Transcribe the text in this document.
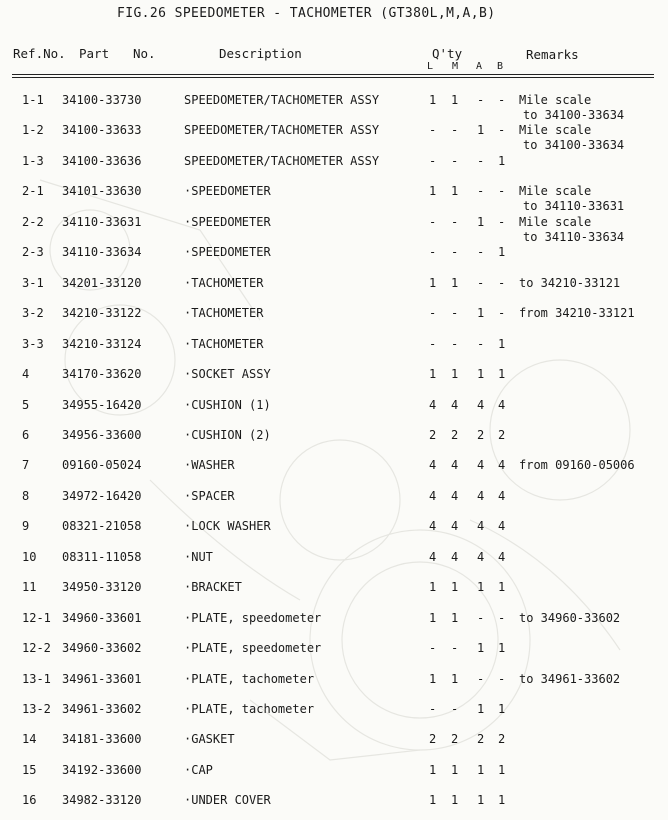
FIG.26 SPEEDOMETER - TACHOMETER (GT380L,M,A,B)
Ref.No. Part No.	Description	Q'ty	Remarks
L M A B
1-1 34100-33730	SPEEDOMETER/TACHOMETER ASSY	1 1 - - Mile scale
to 34100-33634
1-2 34100-33633	SPEEDOMETER/TACHOMETER ASSY	- - 1 - Mile scale
to 34100-33634
1-3 34100-33636	SPEEDOMETER/TACHOMETER ASSY	- - - 1
2-1 34101-33630	·SPEEDOMETER	1 1 - - Mile scale
to 34110-33631
2-2 34110-33631	·SPEEDOMETER	- - 1 - Mile scale
to 34110-33634
2-3 34110-33634	·SPEEDOMETER	- - - 1
3-1 34201-33120	·TACHOMETER	1 1 - - to 34210-33121
3-2 34210-33122	·TACHOMETER	- - 1 - from 34210-33121
3-3 34210-33124	·TACHOMETER	- - - 1
4	34170-33620	·SOCKET ASSY	1 1 1 1
5	34955-16420	·CUSHION (1)	4 4 4 4
6	34956-33600	·CUSHION (2)	2 2 2 2
7	09160-05024	·WASHER	4 4 4 4 from 09160-05006
8	34972-16420	·SPACER	4 4 4 4
9	08321-21058	·LOCK WASHER	4 4 4 4
10 08311-11058	·NUT	4 4 4 4
11 34950-33120	·BRACKET	1 1 1 1
12-1 34960-33601	·PLATE, speedometer	1 1 - - to 34960-33602
12-2 34960-33602	·PLATE, speedometer	- - 1 1
13-1 34961-33601	·PLATE, tachometer	1 1 - - to 34961-33602
13-2 34961-33602	·PLATE, tachometer	- - 1 1
14 34181-33600	·GASKET	2 2 2 2
15 34192-33600	·CAP	1 1 1 1
16 34982-33120	·UNDER COVER	1 1 1 1
